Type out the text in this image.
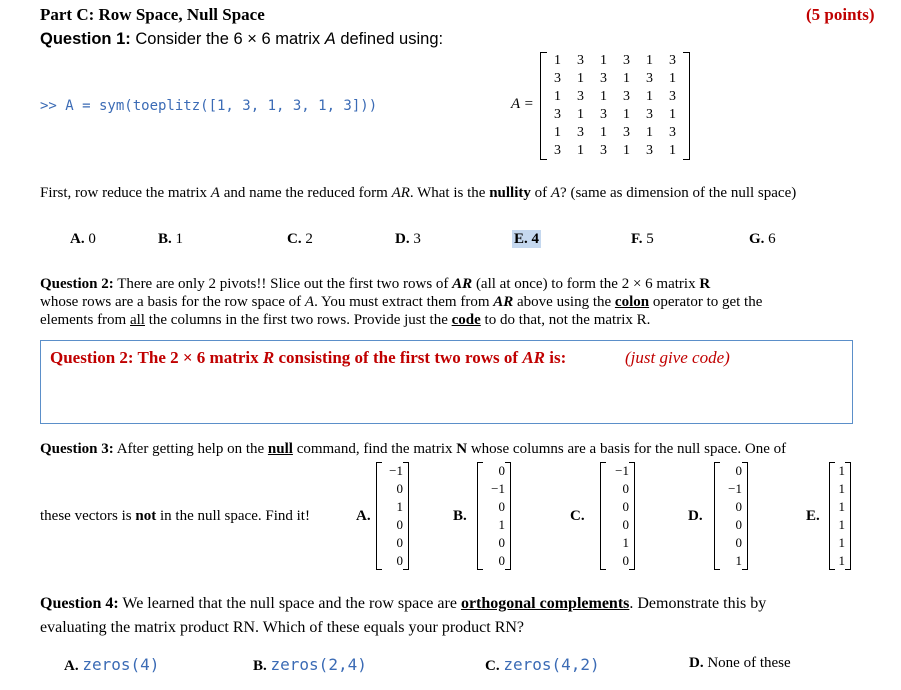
Part C: Row Space, Null Space	(5 points)
Question 1: Consider the 6 × 6 matrix A defined using:
>> A = sym(toeplitz([1, 3, 1, 3, 1, 3]))	A =
1	3	1	3	1	3
3	1	3	1	3	1
1	3	1	3	1	3
3	1	3	1	3	1
1	3	1	3	1	3
3	1	3	1	3	1
First, row reduce the matrix A and name the reduced form AR. What is the nullity of A? (same as dimension of the null space)
A. 0	B. 1	C. 2	D. 3	E. 4	F. 5	G. 6
Question 2: There are only 2 pivots!! Slice out the first two rows of AR (all at once) to form the 2 × 6 matrix R
whose rows are a basis for the row space of A. You must extract them from AR above using the colon operator to get the
elements from all the columns in the first two rows. Provide just the code to do that, not the matrix R.
Question 2: The 2 × 6 matrix R consisting of the first two rows of AR is:	(just give code)
Question 3: After getting help on the null command, find the matrix N whose columns are a basis for the null space. One of
these vectors is not in the null space. Find it!	A.
−1
0
1
0
0
0
B.
0
−1
0
1
0
0
C.
−1
0
0
0
1
0
D.
0
−1
0
0
0
1
E.
1
1
1
1
1
1
Question 4: We learned that the null space and the row space are orthogonal complements. Demonstrate this by
evaluating the matrix product RN. Which of these equals your product RN?
A. zeros(4)	B. zeros(2,4)	C. zeros(4,2)	D. None of these
